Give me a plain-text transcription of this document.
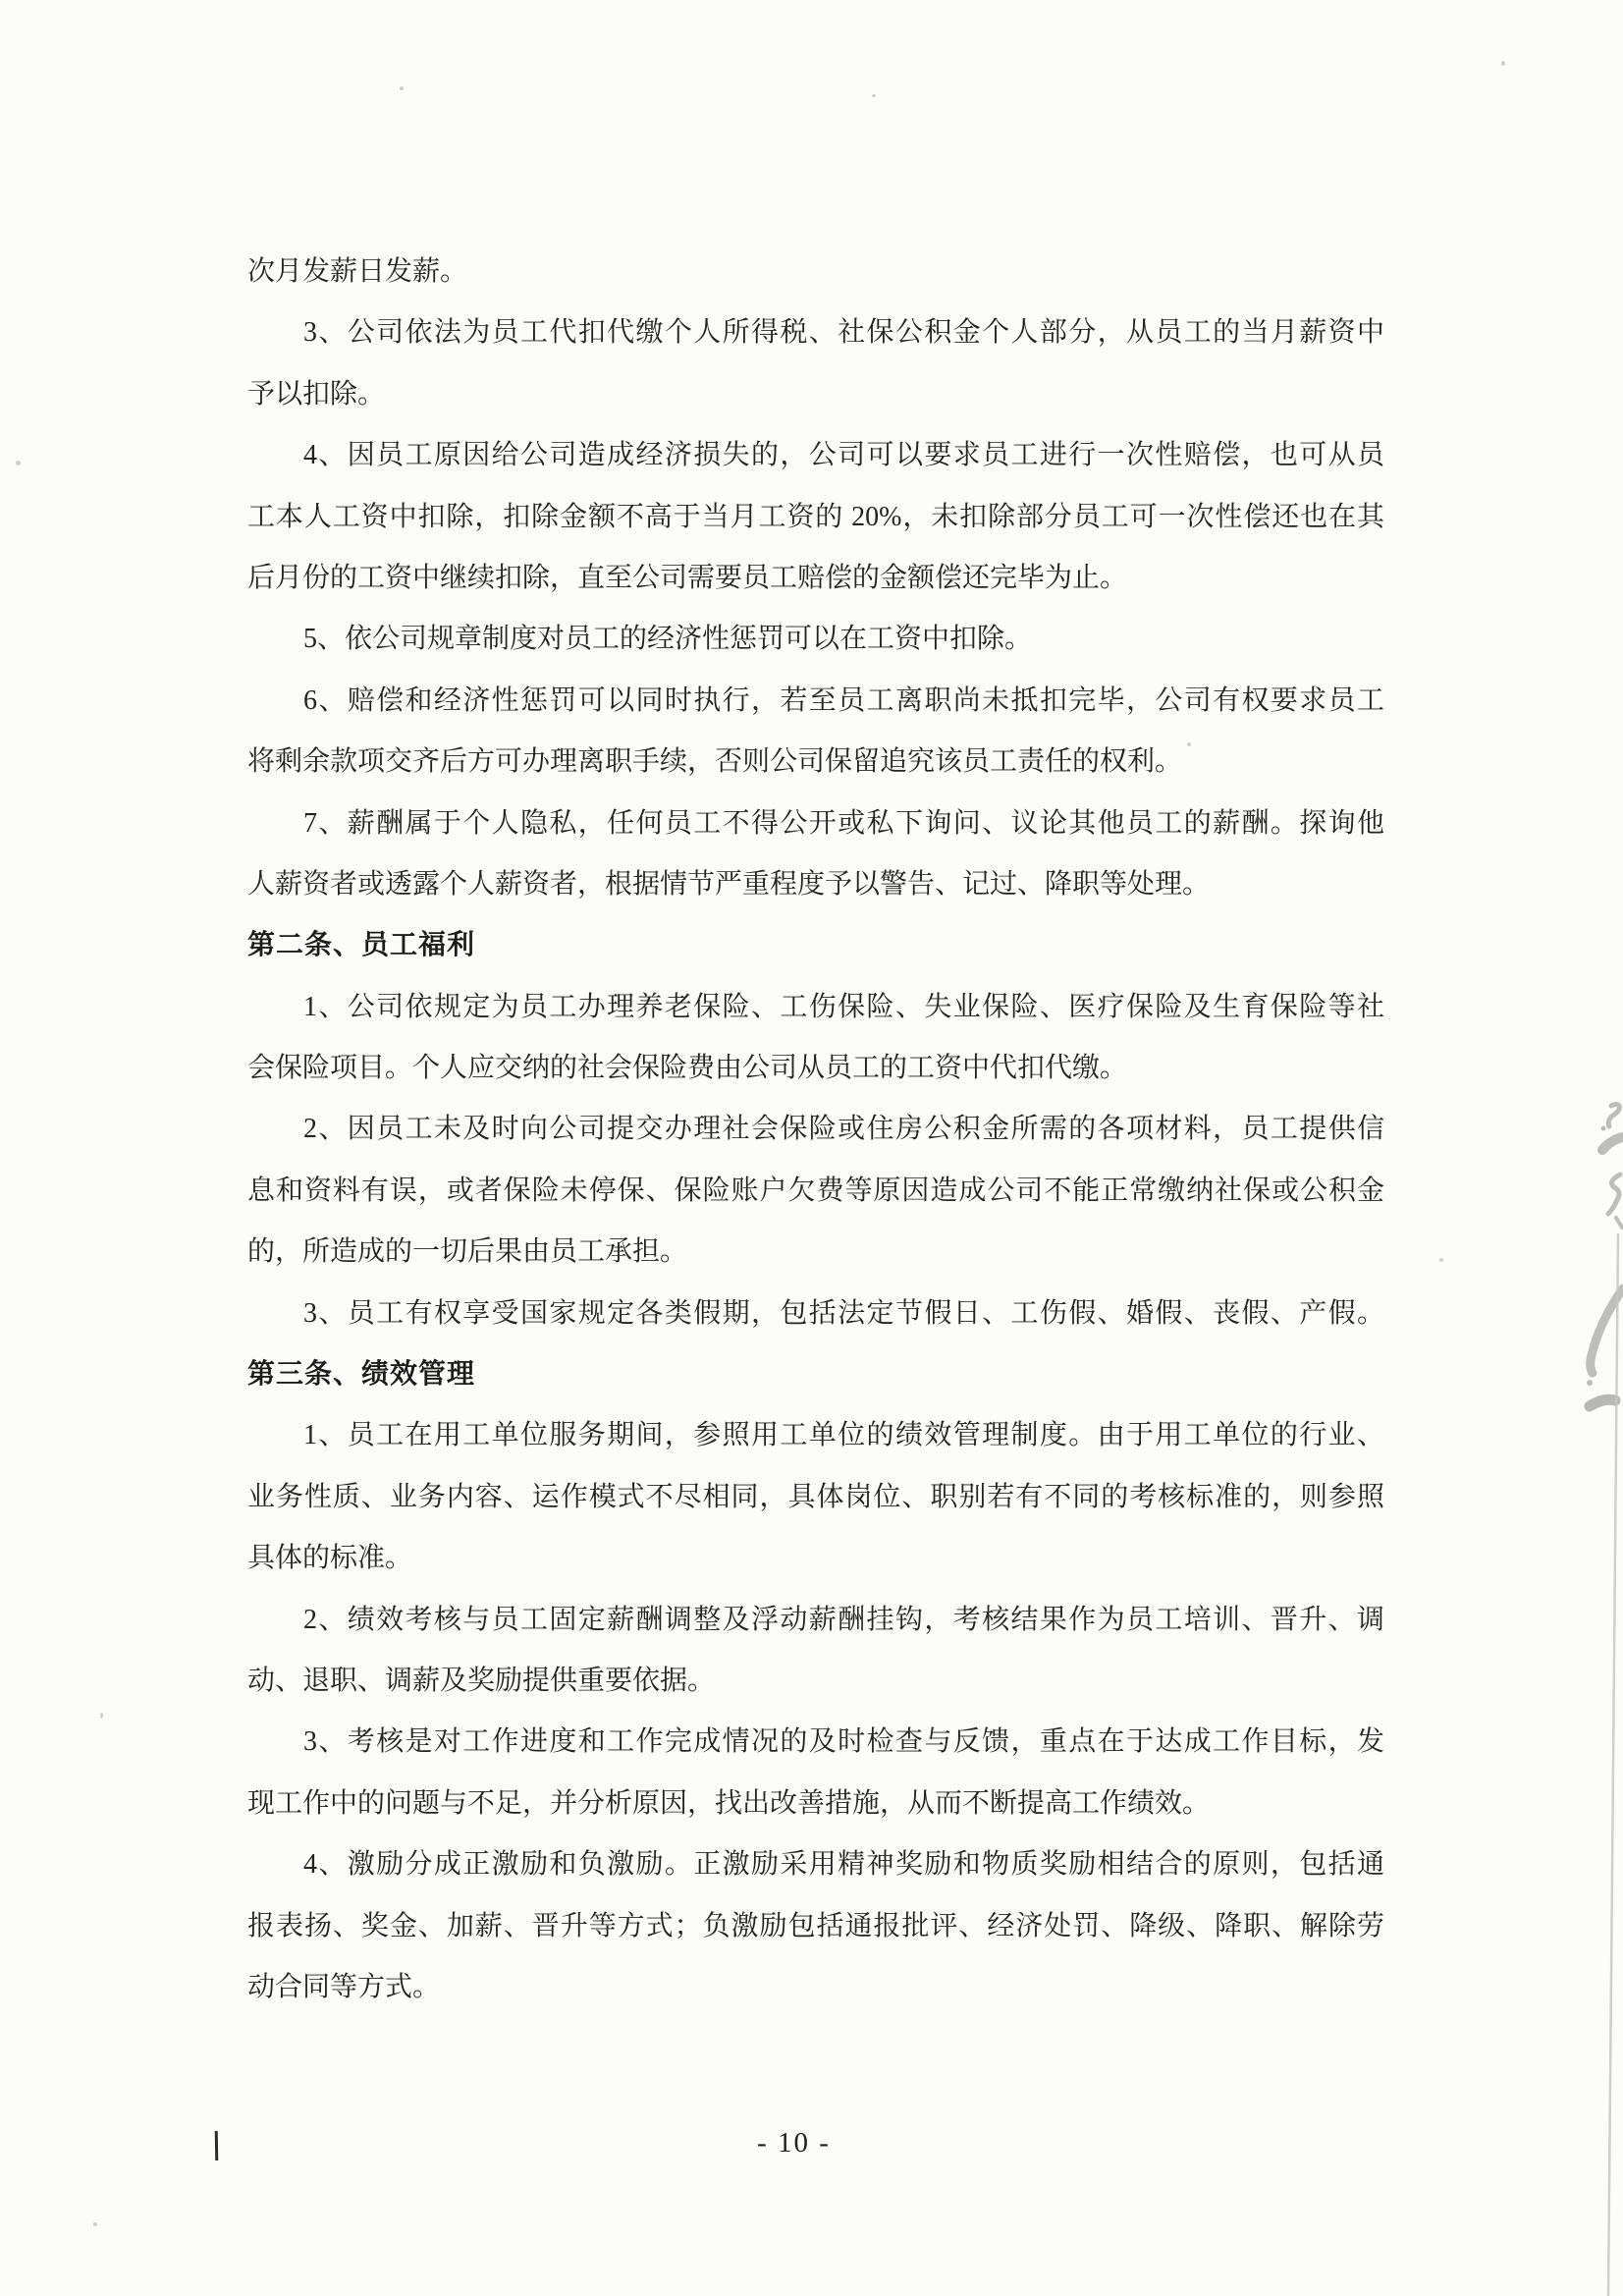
次月发薪日发薪。
3、公司依法为员工代扣代缴个人所得税、社保公积金个人部分，从员工的当月薪资中
予以扣除。
4、因员工原因给公司造成经济损失的，公司可以要求员工进行一次性赔偿，也可从员
工本人工资中扣除，扣除金额不高于当月工资的 20%，未扣除部分员工可一次性偿还也在其
后月份的工资中继续扣除，直至公司需要员工赔偿的金额偿还完毕为止。
5、依公司规章制度对员工的经济性惩罚可以在工资中扣除。
6、赔偿和经济性惩罚可以同时执行，若至员工离职尚未抵扣完毕，公司有权要求员工
将剩余款项交齐后方可办理离职手续，否则公司保留追究该员工责任的权利。
7、薪酬属于个人隐私，任何员工不得公开或私下询问、议论其他员工的薪酬。探询他
人薪资者或透露个人薪资者，根据情节严重程度予以警告、记过、降职等处理。
第二条、员工福利
1、公司依规定为员工办理养老保险、工伤保险、失业保险、医疗保险及生育保险等社
会保险项目。个人应交纳的社会保险费由公司从员工的工资中代扣代缴。
2、因员工未及时向公司提交办理社会保险或住房公积金所需的各项材料，员工提供信
息和资料有误，或者保险未停保、保险账户欠费等原因造成公司不能正常缴纳社保或公积金
的，所造成的一切后果由员工承担。
3、员工有权享受国家规定各类假期，包括法定节假日、工伤假、婚假、丧假、产假。
第三条、绩效管理
1、员工在用工单位服务期间，参照用工单位的绩效管理制度。由于用工单位的行业、
业务性质、业务内容、运作模式不尽相同，具体岗位、职别若有不同的考核标准的，则参照
具体的标准。
2、绩效考核与员工固定薪酬调整及浮动薪酬挂钩，考核结果作为员工培训、晋升、调
动、退职、调薪及奖励提供重要依据。
3、考核是对工作进度和工作完成情况的及时检查与反馈，重点在于达成工作目标，发
现工作中的问题与不足，并分析原因，找出改善措施，从而不断提高工作绩效。
4、激励分成正激励和负激励。正激励采用精神奖励和物质奖励相结合的原则，包括通
报表扬、奖金、加薪、晋升等方式；负激励包括通报批评、经济处罚、降级、降职、解除劳
动合同等方式。
- 10 -
